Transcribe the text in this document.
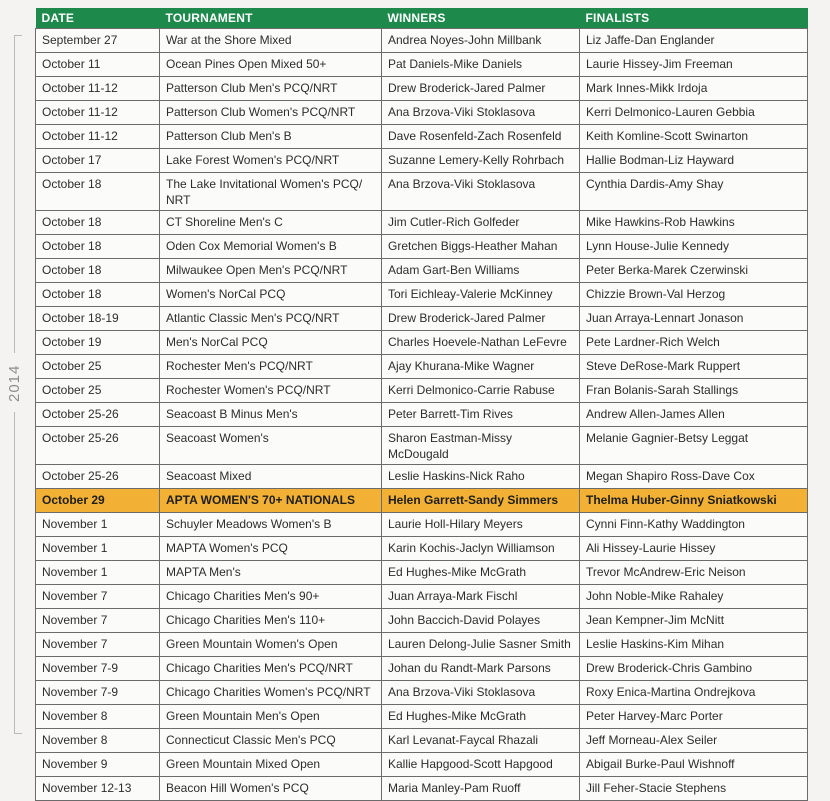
2014
DATE	TOURNAMENT	WINNERS	FINALISTS
September 27	War at the Shore Mixed	Andrea Noyes-John Millbank	Liz Jaffe-Dan Englander
October 11	Ocean Pines Open Mixed 50+	Pat Daniels-Mike Daniels	Laurie Hissey-Jim Freeman
October 11-12	Patterson Club Men's PCQ/NRT	Drew Broderick-Jared Palmer	Mark Innes-Mikk Irdoja
October 11-12	Patterson Club Women's PCQ/NRT	Ana Brzova-Viki Stoklasova	Kerri Delmonico-Lauren Gebbia
October 11-12	Patterson Club Men's B	Dave Rosenfeld-Zach Rosenfeld	Keith Komline-Scott Swinarton
October 17	Lake Forest Women's PCQ/NRT	Suzanne Lemery-Kelly Rohrbach	Hallie Bodman-Liz Hayward
October 18	The Lake Invitational Women's PCQ/ NRT	Ana Brzova-Viki Stoklasova	Cynthia Dardis-Amy Shay
October 18	CT Shoreline Men's C	Jim Cutler-Rich Golfeder	Mike Hawkins-Rob Hawkins
October 18	Oden Cox Memorial Women's B	Gretchen Biggs-Heather Mahan	Lynn House-Julie Kennedy
October 18	Milwaukee Open Men's PCQ/NRT	Adam Gart-Ben Williams	Peter Berka-Marek Czerwinski
October 18	Women's NorCal PCQ	Tori Eichleay-Valerie McKinney	Chizzie Brown-Val Herzog
October 18-19	Atlantic Classic Men's PCQ/NRT	Drew Broderick-Jared Palmer	Juan Arraya-Lennart Jonason
October 19	Men's NorCal PCQ	Charles Hoevele-Nathan LeFevre	Pete Lardner-Rich Welch
October 25	Rochester Men's PCQ/NRT	Ajay Khurana-Mike Wagner	Steve DeRose-Mark Ruppert
October 25	Rochester Women's PCQ/NRT	Kerri Delmonico-Carrie Rabuse	Fran Bolanis-Sarah Stallings
October 25-26	Seacoast B Minus Men's	Peter Barrett-Tim Rives	Andrew Allen-James Allen
October 25-26	Seacoast Women's	Sharon Eastman-Missy McDougald	Melanie Gagnier-Betsy Leggat
October 25-26	Seacoast Mixed	Leslie Haskins-Nick Raho	Megan Shapiro Ross-Dave Cox
October 29	APTA WOMEN'S 70+ NATIONALS	Helen Garrett-Sandy Simmers	Thelma Huber-Ginny Sniatkowski
November 1	Schuyler Meadows Women's B	Laurie Holl-Hilary Meyers	Cynni Finn-Kathy Waddington
November 1	MAPTA Women's PCQ	Karin Kochis-Jaclyn Williamson	Ali Hissey-Laurie Hissey
November 1	MAPTA Men's	Ed Hughes-Mike McGrath	Trevor McAndrew-Eric Neison
November 7	Chicago Charities Men's 90+	Juan Arraya-Mark Fischl	John Noble-Mike Rahaley
November 7	Chicago Charities Men's 110+	John Baccich-David Polayes	Jean Kempner-Jim McNitt
November 7	Green Mountain Women's Open	Lauren Delong-Julie Sasner Smith	Leslie Haskins-Kim Mihan
November 7-9	Chicago Charities Men's PCQ/NRT	Johan du Randt-Mark Parsons	Drew Broderick-Chris Gambino
November 7-9	Chicago Charities Women's PCQ/NRT	Ana Brzova-Viki Stoklasova	Roxy Enica-Martina Ondrejkova
November 8	Green Mountain Men's Open	Ed Hughes-Mike McGrath	Peter Harvey-Marc Porter
November 8	Connecticut Classic Men's PCQ	Karl Levanat-Faycal Rhazali	Jeff Morneau-Alex Seiler
November 9	Green Mountain Mixed Open	Kallie Hapgood-Scott Hapgood	Abigail Burke-Paul Wishnoff
November 12-13	Beacon Hill Women's PCQ	Maria Manley-Pam Ruoff	Jill Feher-Stacie Stephens
